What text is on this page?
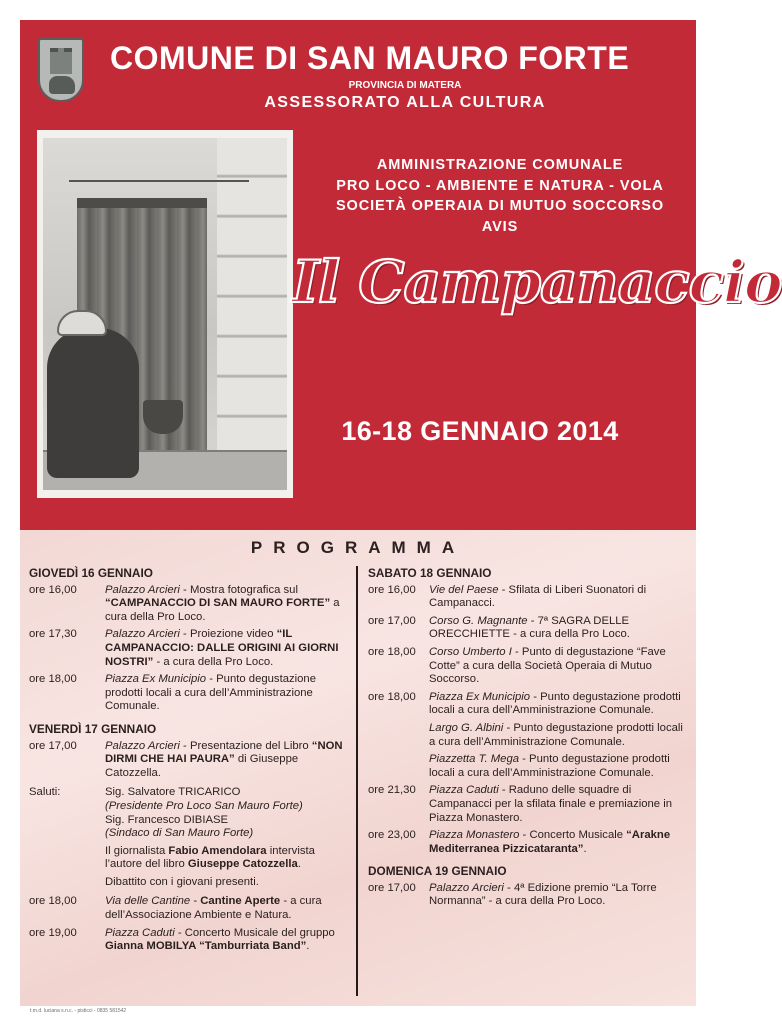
COMUNE DI SAN MAURO FORTE
PROVINCIA DI MATERA
ASSESSORATO ALLA CULTURA
AMMINISTRAZIONE COMUNALE
PRO LOCO - AMBIENTE E NATURA - VOLA
SOCIETÀ OPERAIA DI MUTUO SOCCORSO
AVIS
Il Campanaccio
16-18 GENNAIO 2014
PROGRAMMA
GIOVEDÌ 16 GENNAIO
ore 16,00	Palazzo Arcieri - Mostra fotografica sul “CAMPANACCIO DI SAN MAURO FORTE” a cura della Pro Loco.
ore 17,30	Palazzo Arcieri - Proiezione video “IL CAMPANACCIO: DALLE ORIGINI AI GIORNI NOSTRI” - a cura della Pro Loco.
ore 18,00	Piazza Ex Municipio - Punto degustazione prodotti locali a cura dell’Amministrazione Comunale.
VENERDÌ 17 GENNAIO
ore 17,00	Palazzo Arcieri - Presentazione del Libro “NON DIRMI CHE HAI PAURA” di Giuseppe Catozzella.
Saluti:	Sig. Salvatore TRICARICO
(Presidente Pro Loco San Mauro Forte)
Sig. Francesco DIBIASE
(Sindaco di San Mauro Forte)
Il giornalista Fabio Amendolara intervista l’autore del libro Giuseppe Catozzella.
Dibattito con i giovani presenti.
ore 18,00	Via delle Cantine - Cantine Aperte - a cura dell’Associazione Ambiente e Natura.
ore 19,00	Piazza Caduti - Concerto Musicale del gruppo Gianna MOBILYA “Tamburriata Band”.
SABATO 18 GENNAIO
ore 16,00	Vie del Paese - Sfilata di Liberi Suonatori di Campanacci.
ore 17,00	Corso G. Magnante - 7ª SAGRA DELLE ORECCHIETTE - a cura della Pro Loco.
ore 18,00	Corso Umberto I - Punto di degustazione “Fave Cotte” a cura della Società Operaia di Mutuo Soccorso.
ore 18,00	Piazza Ex Municipio - Punto degustazione prodotti locali a cura dell’Amministrazione Comunale.
Largo G. Albini - Punto degustazione prodotti locali a cura dell’Amministrazione Comunale.
Piazzetta T. Mega - Punto degustazione prodotti locali a cura dell’Amministrazione Comunale.
ore 21,30	Piazza Caduti - Raduno delle squadre di Campanacci per la sfilata finale e premiazione in Piazza Monastero.
ore 23,00	Piazza Monastero - Concerto Musicale “Arakne Mediterranea Pizzicataranta”.
DOMENICA 19 GENNAIO
ore 17,00	Palazzo Arcieri - 4ª Edizione premio “La Torre Normanna” - a cura della Pro Loco.
t.m.d. luciana s.n.c. - pisticci - 0835 581542
